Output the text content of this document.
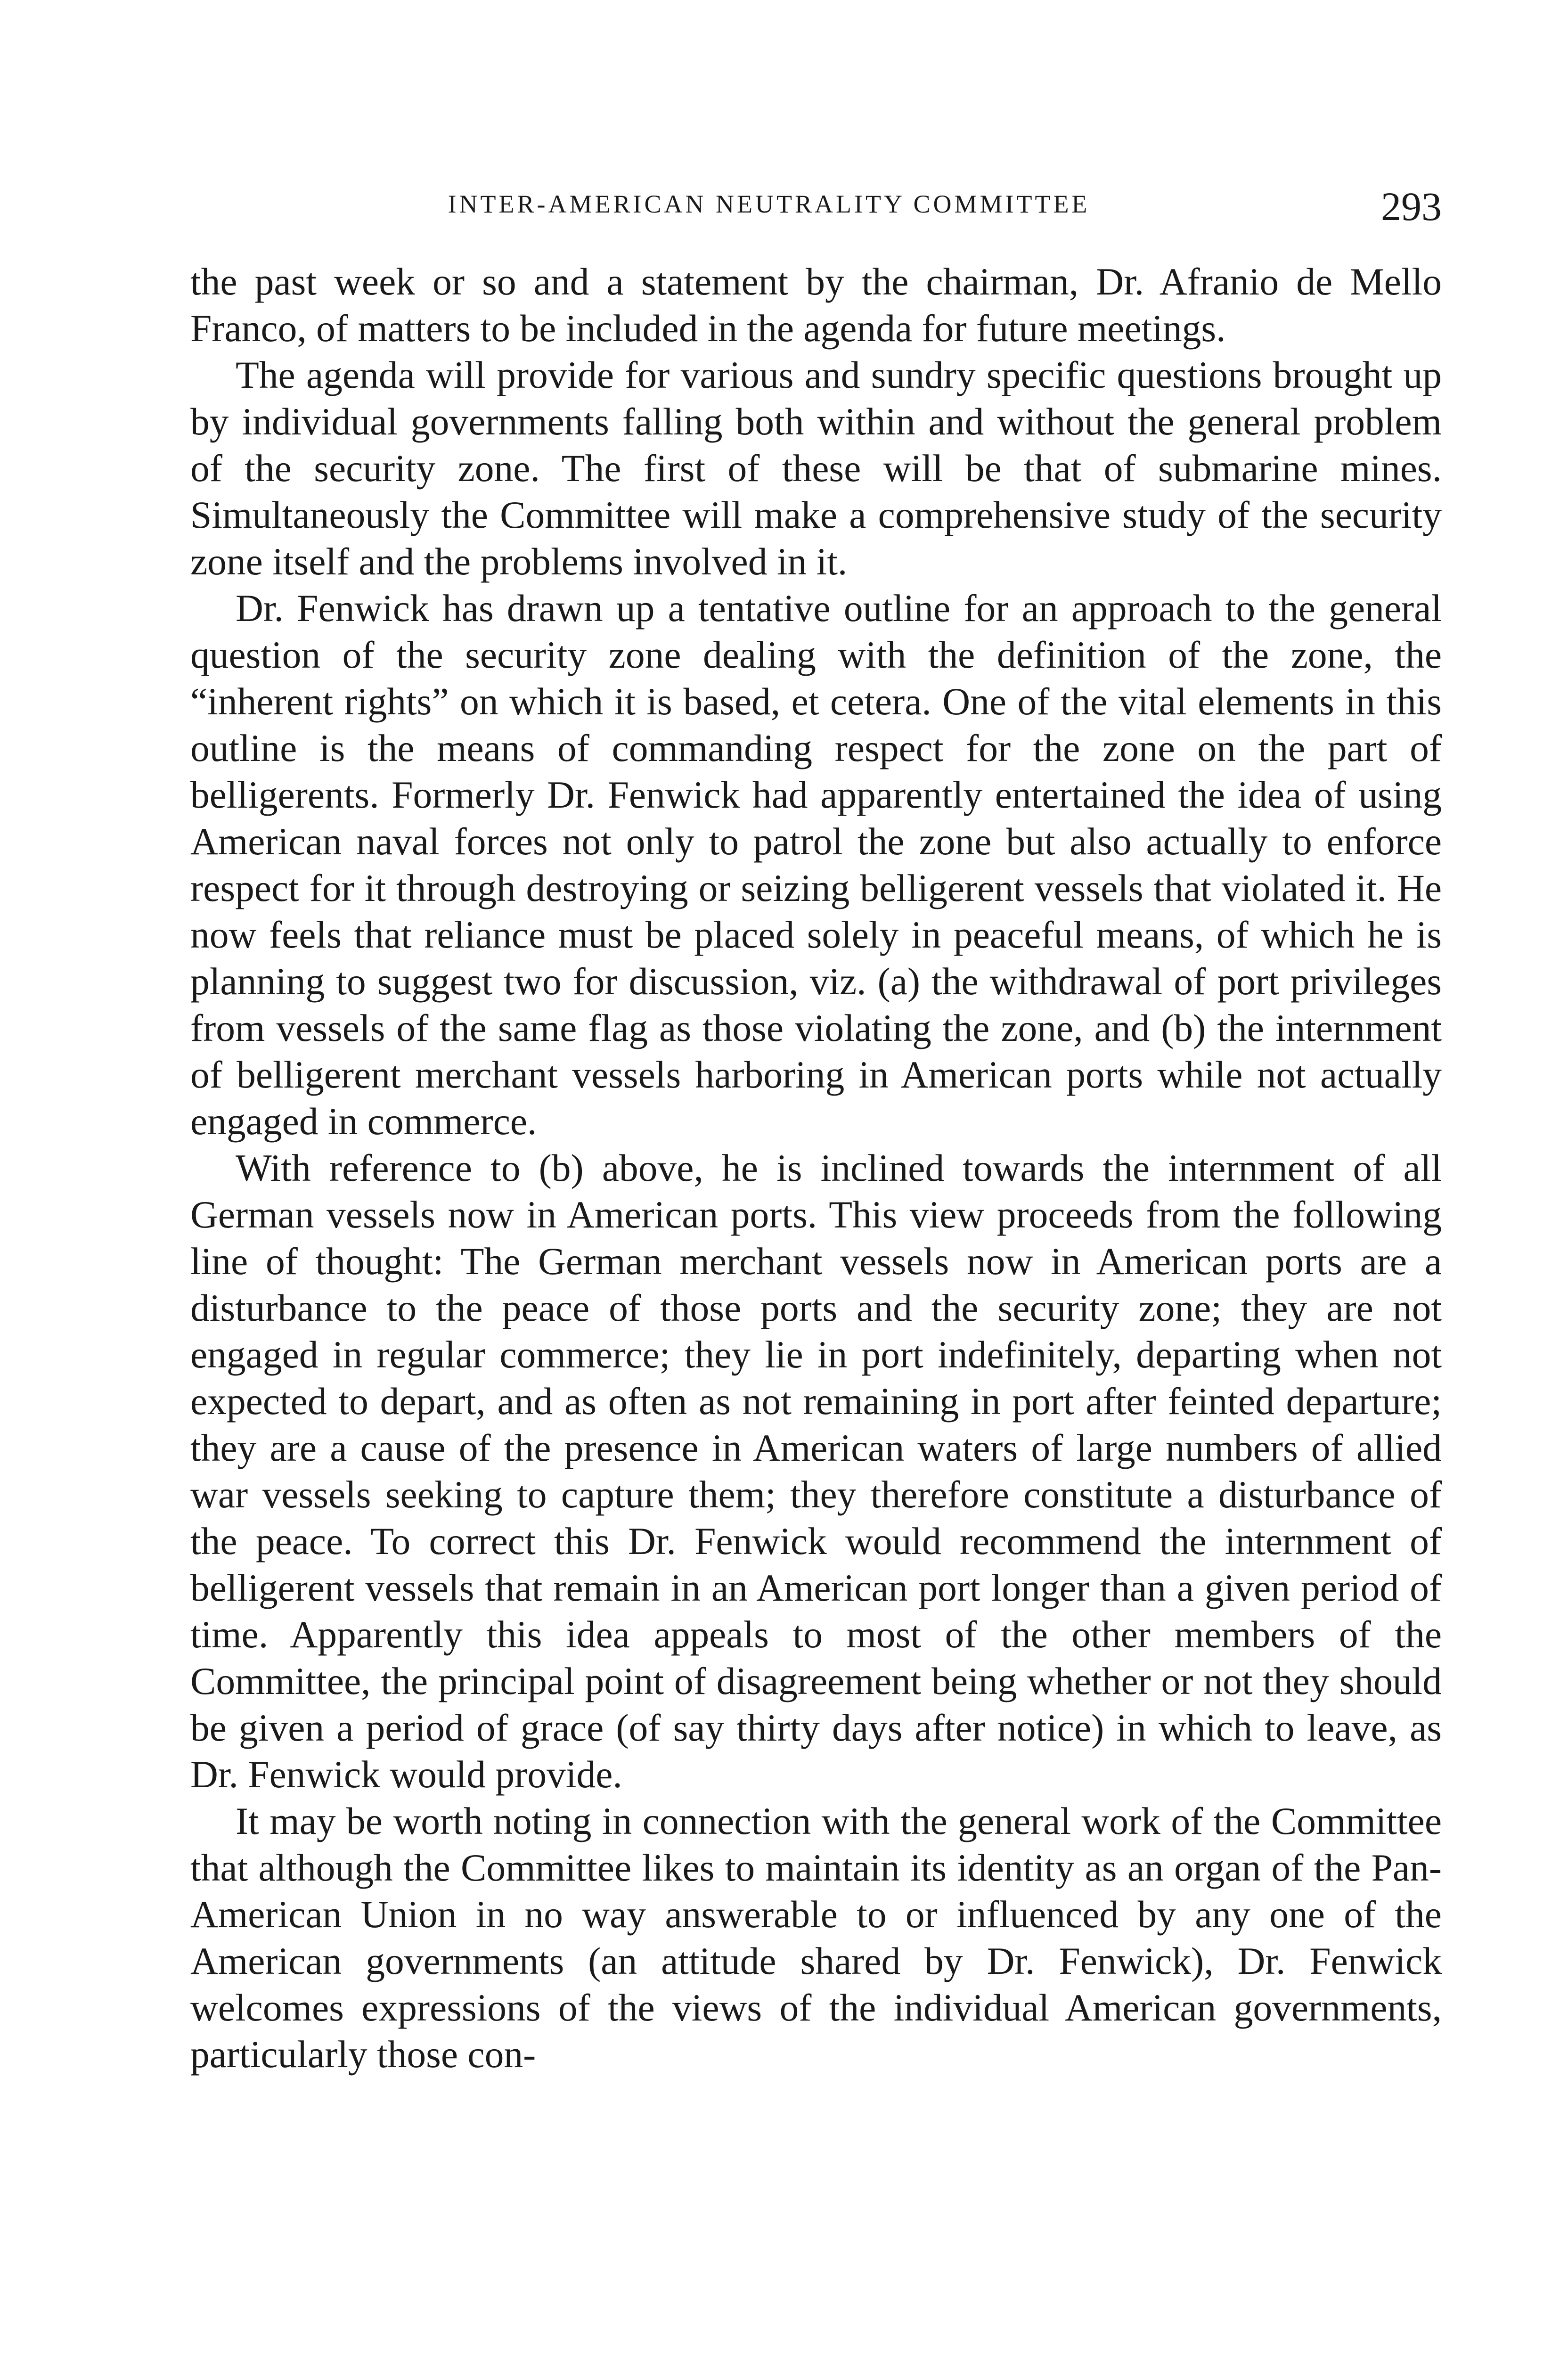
INTER-AMERICAN NEUTRALITY COMMITTEE	293

the past week or so and a statement by the chairman, Dr. Afranio de Mello Franco, of matters to be included in the agenda for future meetings.

The agenda will provide for various and sundry specific questions brought up by individual governments falling both within and without the general problem of the security zone. The first of these will be that of submarine mines. Simultaneously the Committee will make a comprehensive study of the security zone itself and the problems involved in it.

Dr. Fenwick has drawn up a tentative outline for an approach to the general question of the security zone dealing with the definition of the zone, the “inherent rights” on which it is based, et cetera. One of the vital elements in this outline is the means of commanding respect for the zone on the part of belligerents. Formerly Dr. Fenwick had apparently entertained the idea of using American naval forces not only to patrol the zone but also actually to enforce respect for it through destroying or seizing belligerent vessels that violated it. He now feels that reliance must be placed solely in peaceful means, of which he is planning to suggest two for discussion, viz. (a) the withdrawal of port privileges from vessels of the same flag as those violating the zone, and (b) the internment of belligerent merchant vessels harboring in American ports while not actually engaged in commerce.

With reference to (b) above, he is inclined towards the internment of all German vessels now in American ports. This view proceeds from the following line of thought: The German merchant vessels now in American ports are a disturbance to the peace of those ports and the security zone; they are not engaged in regular commerce; they lie in port indefinitely, departing when not expected to depart, and as often as not remaining in port after feinted departure; they are a cause of the presence in American waters of large numbers of allied war vessels seeking to capture them; they therefore constitute a disturbance of the peace. To correct this Dr. Fenwick would recommend the internment of belligerent vessels that remain in an American port longer than a given period of time. Apparently this idea appeals to most of the other members of the Committee, the principal point of disagreement being whether or not they should be given a period of grace (of say thirty days after notice) in which to leave, as Dr. Fenwick would provide.

It may be worth noting in connection with the general work of the Committee that although the Committee likes to maintain its identity as an organ of the Pan-American Union in no way answerable to or influenced by any one of the American governments (an attitude shared by Dr. Fenwick), Dr. Fenwick welcomes expressions of the views of the individual American governments, particularly those con-
